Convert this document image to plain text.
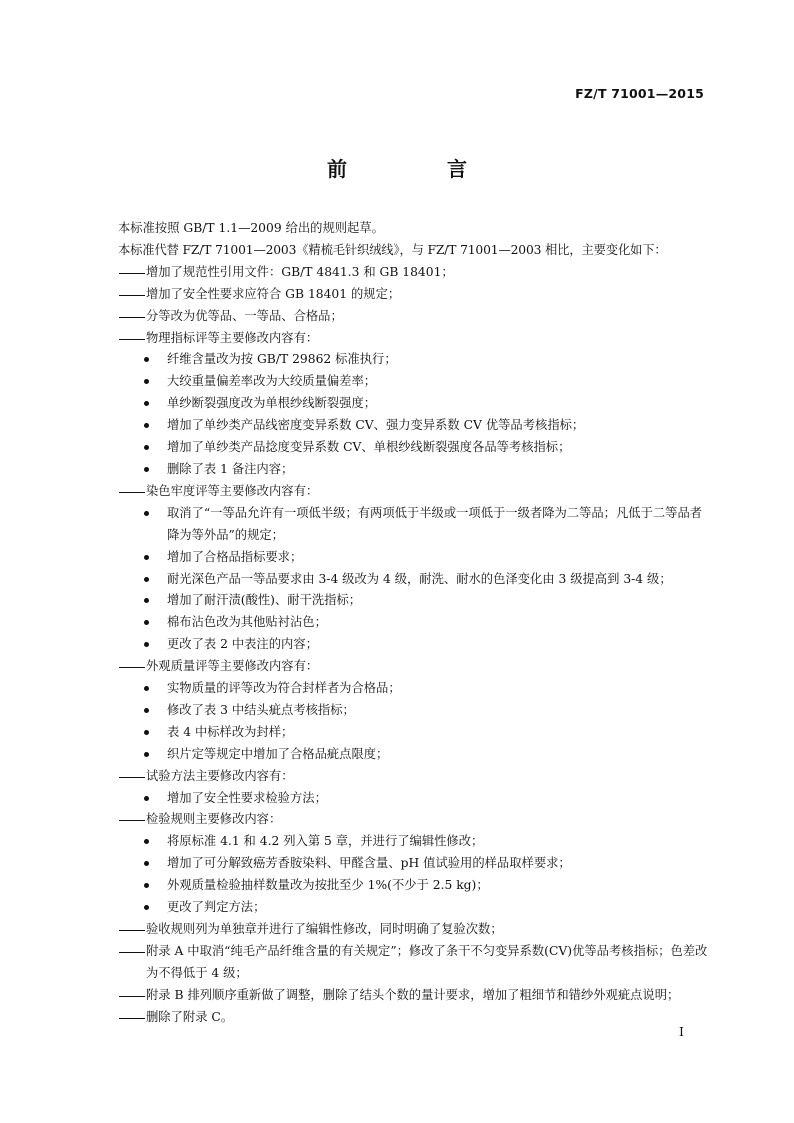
FZ/T 71001—2015
前　言
本标准按照 GB/T 1.1—2009 给出的规则起草。
本标准代替 FZ/T 71001—2003《精梳毛针织绒线》，与 FZ/T 71001—2003 相比，主要变化如下：
增加了规范性引用文件：GB/T 4841.3 和 GB 18401；
增加了安全性要求应符合 GB 18401 的规定；
分等改为优等品、一等品、合格品；
物理指标评等主要修改内容有：
纤维含量改为按 GB/T 29862 标准执行；
大绞重量偏差率改为大绞质量偏差率；
单纱断裂强度改为单根纱线断裂强度；
增加了单纱类产品线密度变异系数 CV、强力变异系数 CV 优等品考核指标；
增加了单纱类产品捻度变异系数 CV、单根纱线断裂强度各品等考核指标；
删除了表 1 备注内容；
染色牢度评等主要修改内容有：
取消了“一等品允许有一项低半级；有两项低于半级或一项低于一级者降为二等品；凡低于二等品者降为等外品”的规定；
增加了合格品指标要求；
耐光深色产品一等品要求由 3-4 级改为 4 级，耐洗、耐水的色泽变化由 3 级提高到 3-4 级；
增加了耐汗渍(酸性)、耐干洗指标；
棉布沾色改为其他贴衬沾色；
更改了表 2 中表注的内容；
外观质量评等主要修改内容有：
实物质量的评等改为符合封样者为合格品；
修改了表 3 中结头疵点考核指标；
表 4 中标样改为封样；
织片定等规定中增加了合格品疵点限度；
试验方法主要修改内容有：
增加了安全性要求检验方法；
检验规则主要修改内容：
将原标准 4.1 和 4.2 列入第 5 章，并进行了编辑性修改；
增加了可分解致癌芳香胺染料、甲醛含量、pH 值试验用的样品取样要求；
外观质量检验抽样数量改为按批至少 1%(不少于 2.5 kg)；
更改了判定方法；
验收规则列为单独章并进行了编辑性修改，同时明确了复验次数；
附录 A 中取消“纯毛产品纤维含量的有关规定”；修改了条干不匀变异系数(CV)优等品考核指标；色差改为不得低于 4 级；
附录 B 排列顺序重新做了调整，删除了结头个数的量计要求，增加了粗细节和错纱外观疵点说明；
删除了附录 C。
I
